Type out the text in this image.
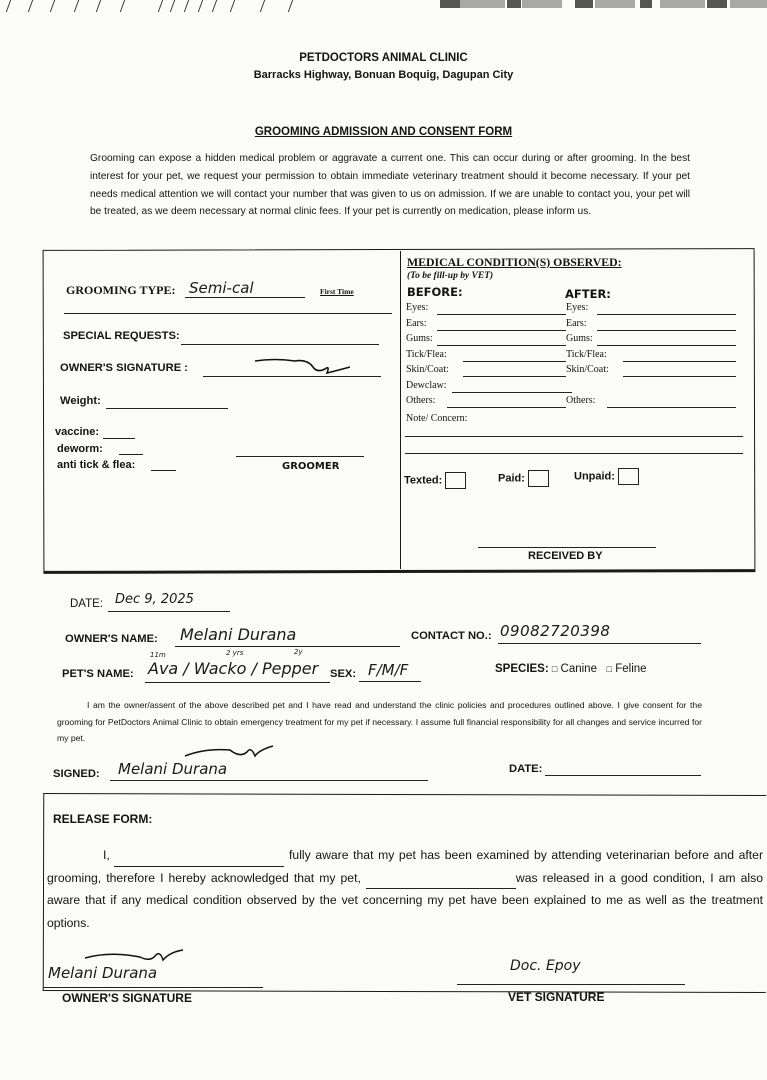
PETDOCTORS ANIMAL CLINIC
Barracks Highway, Bonuan Boquig, Dagupan City
GROOMING ADMISSION AND CONSENT FORM
Grooming can expose a hidden medical problem or aggravate a current one. This can occur during or after grooming. In the best interest for your pet, we request your permission to obtain immediate veterinary treatment should it become necessary. If your pet needs medical attention we will contact your number that was given to us on admission. If we are unable to contact you, your pet will be treated, as we deem necessary at normal clinic fees. If your pet is currently on medication, please inform us.
GROOMING TYPE: Semi-cal	First Time
SPECIAL REQUESTS:
OWNER'S SIGNATURE :
Weight:
vaccine:
deworm:
anti tick & flea:	GROOMER
MEDICAL CONDITION(S) OBSERVED:
(To be fill-up by VET)
BEFORE:	AFTER:
Eyes:	Eyes:
Ears:	Ears:
Gums:	Gums:
Tick/Flea:	Tick/Flea:
Skin/Coat:	Skin/Coat:
Dewclaw:
Others:	Others:
Note/ Concern:
Texted:	Paid:	Unpaid:
RECEIVED BY
DATE: Dec 9, 2025
OWNER'S NAME: Melani Durana	CONTACT NO.: 09082720398
11m	2 yrs	2y
PET'S NAME: Ava / Wacko / Pepper SEX: F/M/F	SPECIES: □ Canine □ Feline
I am the owner/assent of the above described pet and I have read and understand the clinic policies and procedures outlined above. I give consent for the grooming for PetDoctors Animal Clinic to obtain emergency treatment for my pet if necessary. I assume full financial responsibility for all changes and service incurred for my pet.
SIGNED: Melani Durana	DATE:
RELEASE FORM:
I,	fully aware that my pet has been examined by attending veterinarian before and after grooming, therefore I hereby acknowledged that my pet,	was released in a good condition, I am also aware that if any medical condition observed by the vet concerning my pet have been explained to me as well as the treatment options.
Melani Durana
OWNER'S SIGNATURE
Doc. Epoy
VET SIGNATURE
